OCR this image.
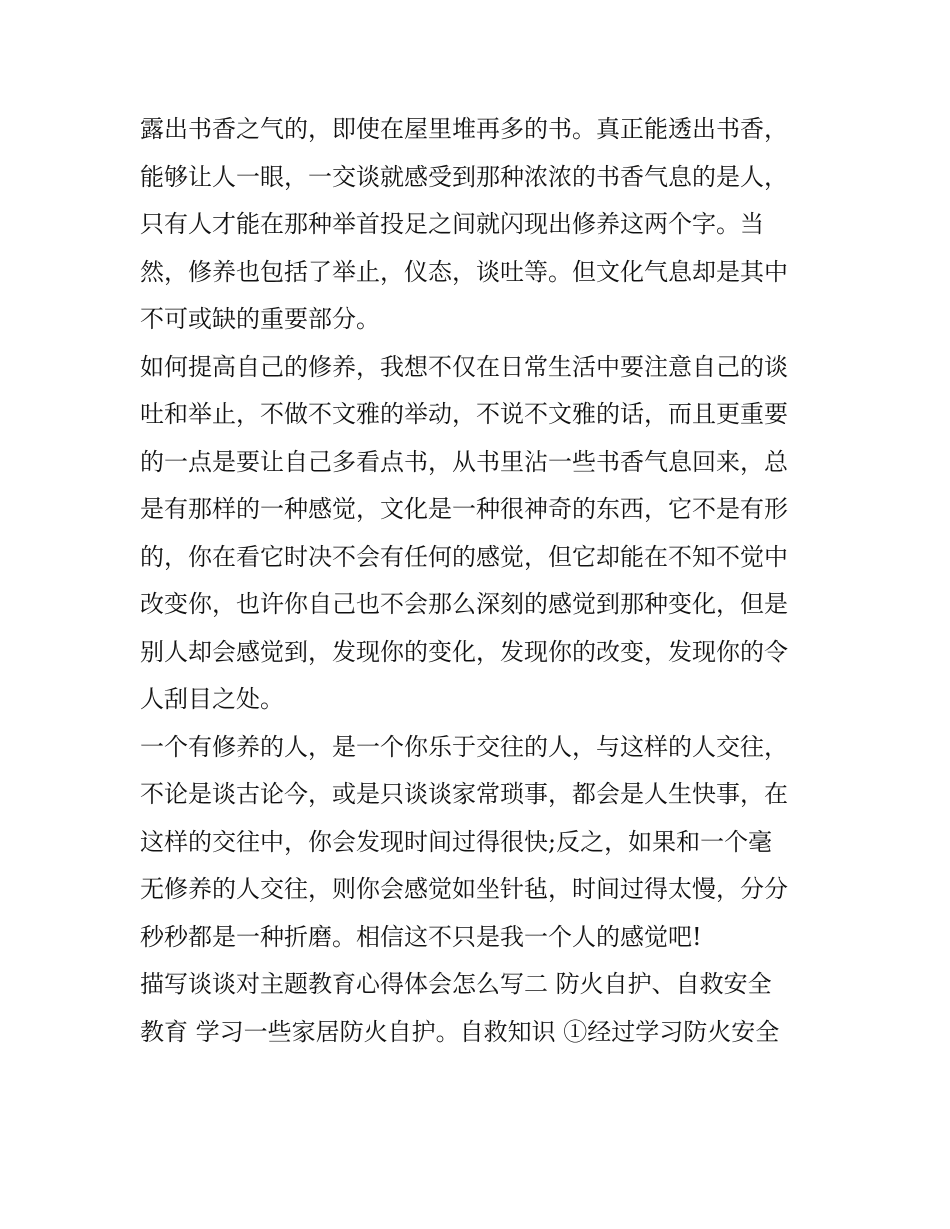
露出书香之气的，即使在屋里堆再多的书。真正能透出书香，
能够让人一眼，一交谈就感受到那种浓浓的书香气息的是人，
只有人才能在那种举首投足之间就闪现出修养这两个字。当
然，修养也包括了举止，仪态，谈吐等。但文化气息却是其中
不可或缺的重要部分。
如何提高自己的修养，我想不仅在日常生活中要注意自己的谈
吐和举止，不做不文雅的举动，不说不文雅的话，而且更重要
的一点是要让自己多看点书，从书里沾一些书香气息回来，总
是有那样的一种感觉，文化是一种很神奇的东西，它不是有形
的，你在看它时决不会有任何的感觉，但它却能在不知不觉中
改变你，也许你自己也不会那么深刻的感觉到那种变化，但是
别人却会感觉到，发现你的变化，发现你的改变，发现你的令
人刮目之处。
一个有修养的人，是一个你乐于交往的人，与这样的人交往，
不论是谈古论今，或是只谈谈家常琐事，都会是人生快事，在
这样的交往中，你会发现时间过得很快;反之，如果和一个毫
无修养的人交往，则你会感觉如坐针毡，时间过得太慢，分分
秒秒都是一种折磨。相信这不只是我一个人的感觉吧!
描写谈谈对主题教育心得体会怎么写二 防火自护、自救安全
教育 学习一些家居防火自护。自救知识 ①经过学习防火安全
